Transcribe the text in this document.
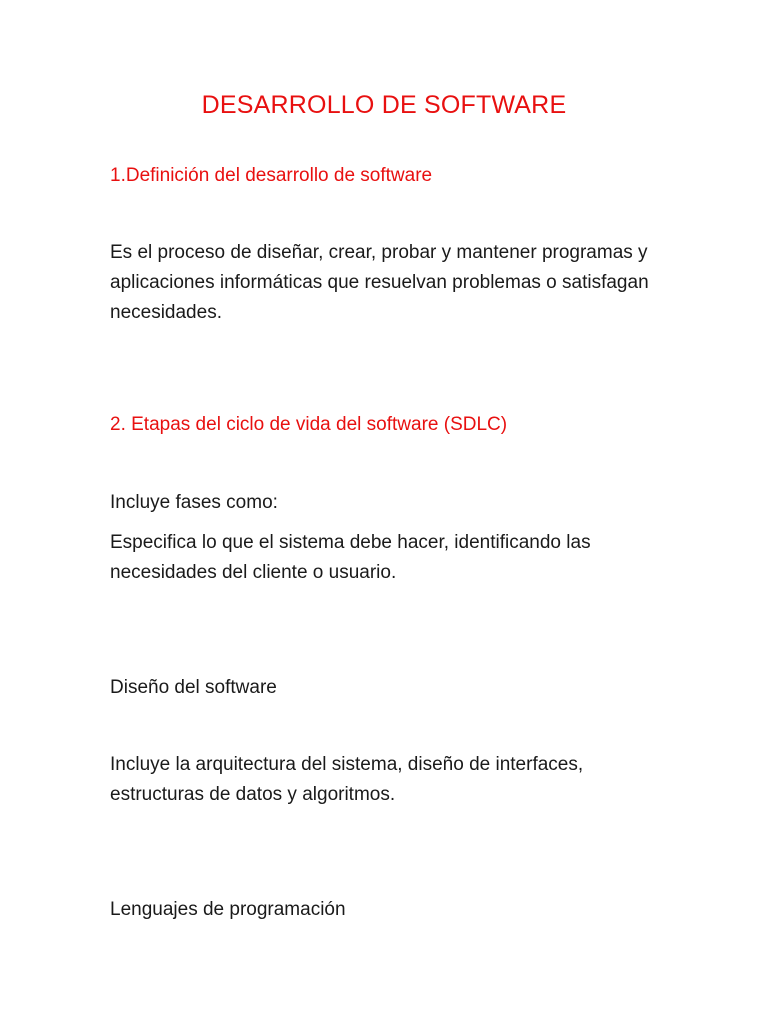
DESARROLLO DE SOFTWARE
1.Definición del desarrollo de software

Es el proceso de diseñar, crear, probar y mantener programas y aplicaciones informáticas que resuelvan problemas o satisfagan necesidades.

2. Etapas del ciclo de vida del software (SDLC)

Incluye fases como:

Especifica lo que el sistema debe hacer, identificando las necesidades del cliente o usuario.

Diseño del software

Incluye la arquitectura del sistema, diseño de interfaces, estructuras de datos y algoritmos.

Lenguajes de programación
